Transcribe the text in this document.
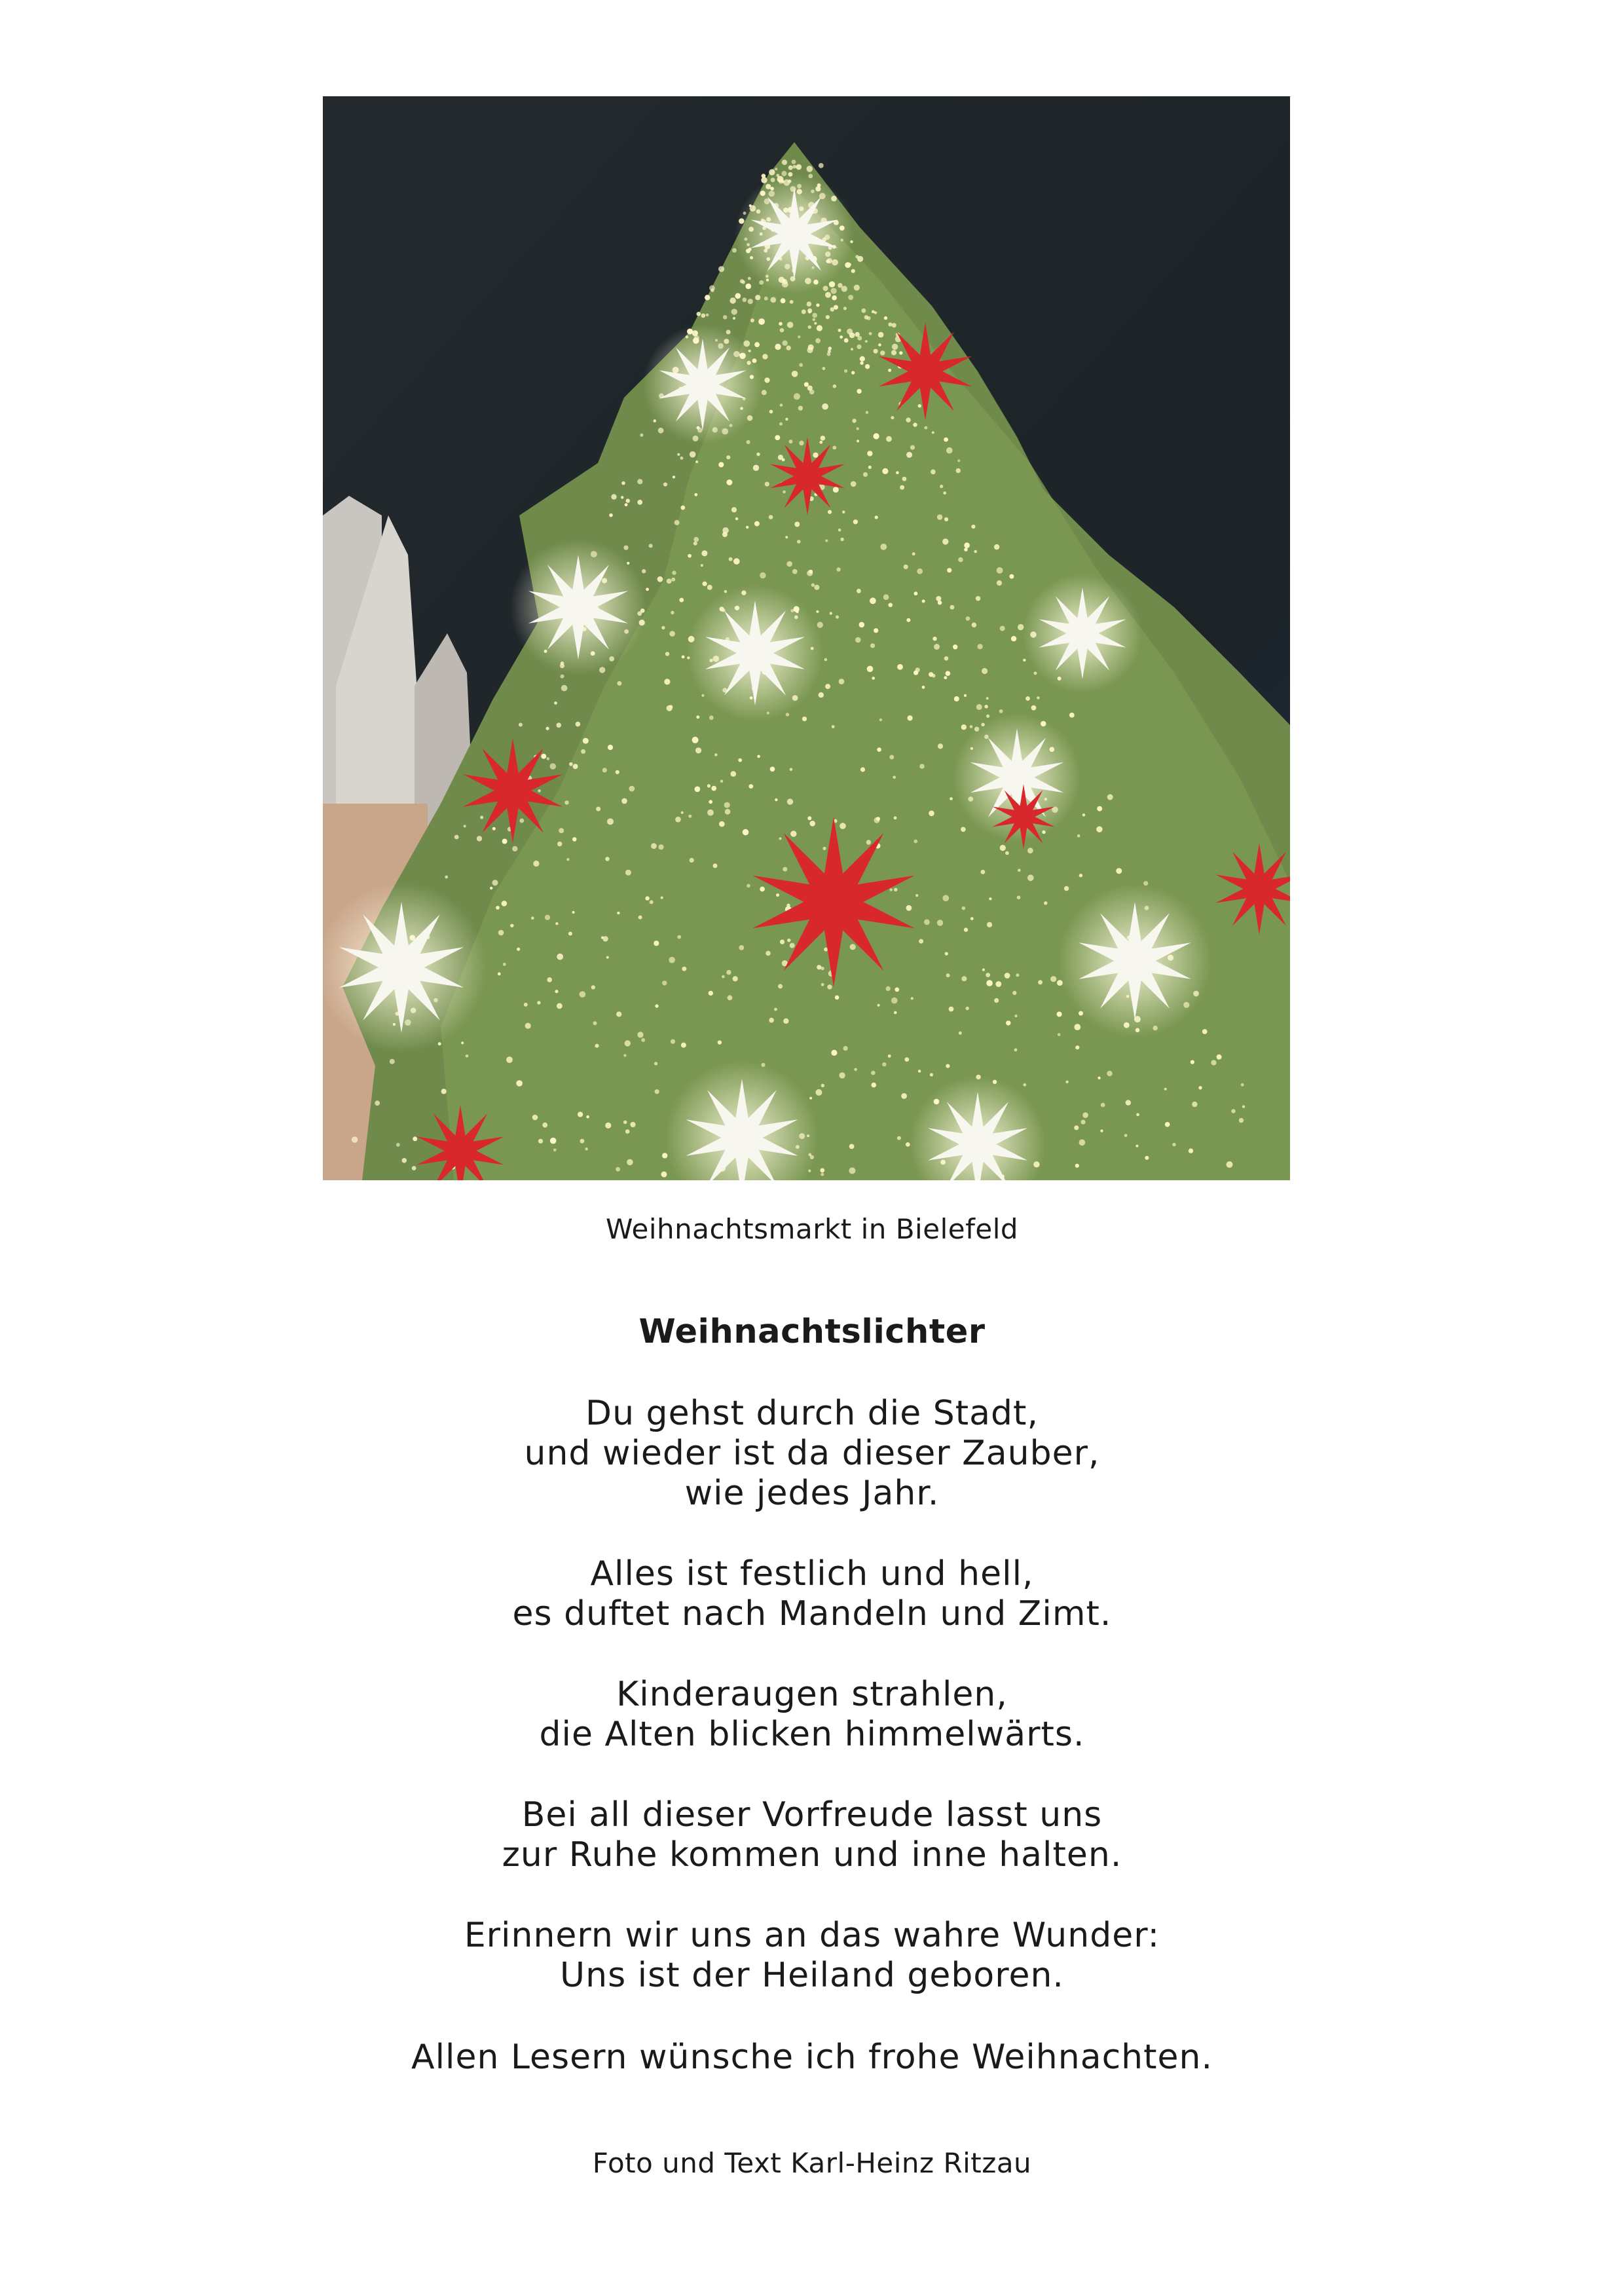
Weihnachtsmarkt in Bielefeld
Weihnachtslichter
Du gehst durch die Stadt,
und wieder ist da dieser Zauber,
wie jedes Jahr.
Alles ist festlich und hell,
es duftet nach Mandeln und Zimt.
Kinderaugen strahlen,
die Alten blicken himmelwärts.
Bei all dieser Vorfreude lasst uns
zur Ruhe kommen und inne halten.
Erinnern wir uns an das wahre Wunder:
Uns ist der Heiland geboren.
Allen Lesern wünsche ich frohe Weihnachten.
Foto und Text Karl-Heinz Ritzau
